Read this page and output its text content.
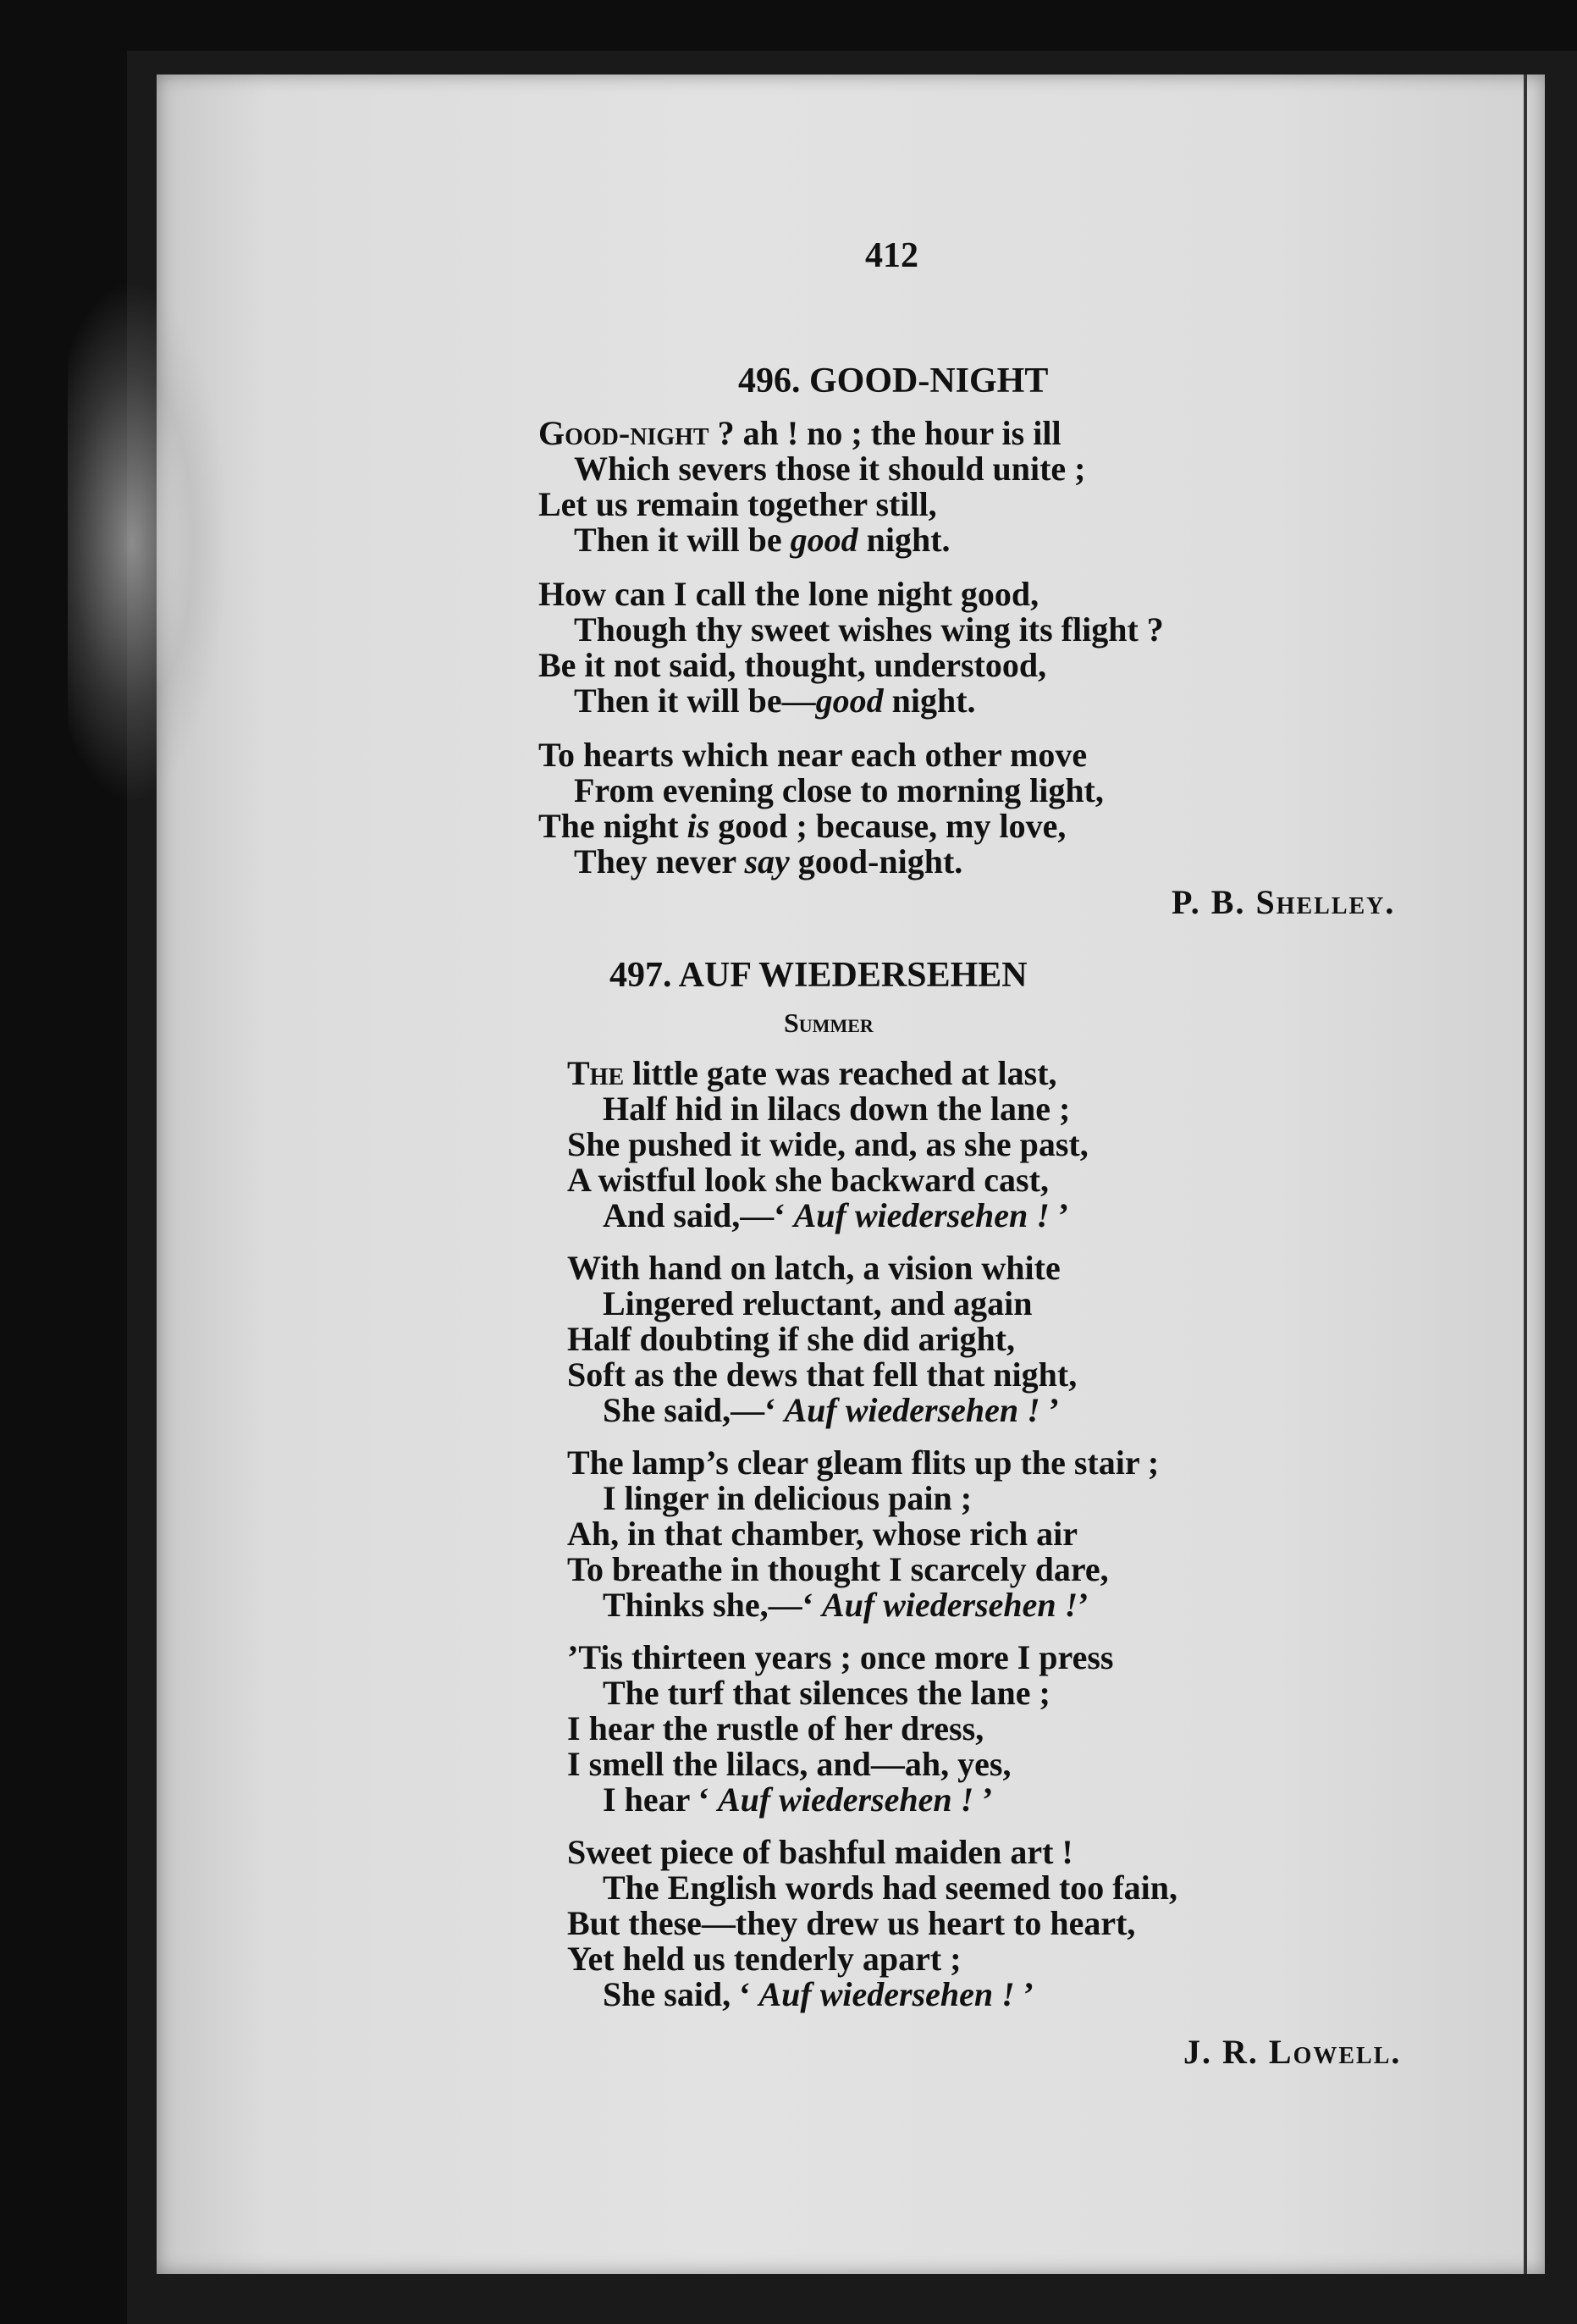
412
496. GOOD-NIGHT
Good-night ? ah ! no ; the hour is ill
Which severs those it should unite ;
Let us remain together still,
Then it will be good night.
How can I call the lone night good,
Though thy sweet wishes wing its flight ?
Be it not said, thought, understood,
Then it will be—good night.
To hearts which near each other move
From evening close to morning light,
The night is good ; because, my love,
They never say good-night.
P. B. Shelley.
497. AUF WIEDERSEHEN
Summer
The little gate was reached at last,
Half hid in lilacs down the lane ;
She pushed it wide, and, as she past,
A wistful look she backward cast,
And said,—‘ Auf wiedersehen ! ’
With hand on latch, a vision white
Lingered reluctant, and again
Half doubting if she did aright,
Soft as the dews that fell that night,
She said,—‘ Auf wiedersehen ! ’
The lamp’s clear gleam flits up the stair ;
I linger in delicious pain ;
Ah, in that chamber, whose rich air
To breathe in thought I scarcely dare,
Thinks she,—‘ Auf wiedersehen !’
’Tis thirteen years ; once more I press
The turf that silences the lane ;
I hear the rustle of her dress,
I smell the lilacs, and—ah, yes,
I hear ‘ Auf wiedersehen ! ’
Sweet piece of bashful maiden art !
The English words had seemed too fain,
But these—they drew us heart to heart,
Yet held us tenderly apart ;
She said, ‘ Auf wiedersehen ! ’
J. R. Lowell.
